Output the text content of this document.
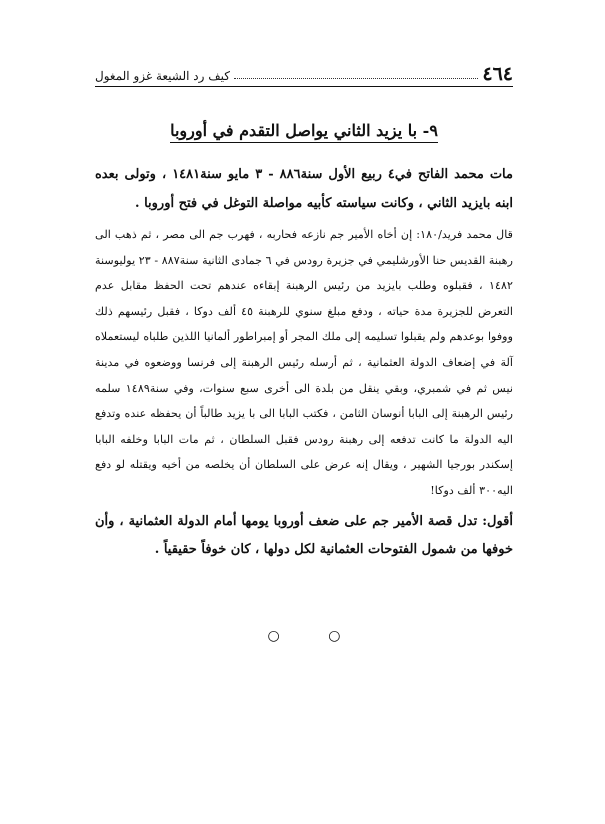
٤٦٤
كيف رد الشيعة غزو المغول
٩- با يزيد الثاني يواصل التقدم في أوروبا

مات محمد الفاتح في٤ ربيع الأول سنة٨٨٦ - ٣ مايو سنة١٤٨١ ، وتولى بعده ابنه بايزيد الثاني ، وكانت سياسته كأبيه مواصلة التوغل في فتح أوروبا .

قال محمد فريد/١٨٠: إن أخاه الأمير جم نازعه فحاربه ، فهرب جم الى مصر ، ثم ذهب الى رهبنة القديس حنا الأورشليمي في جزيرة رودس في ٦ جمادى الثانية سنة٨٨٧ - ٢٣ يوليوسنة ١٤٨٢ ، فقبلوه وطلب بايزيد من رئيس الرهبنة إبقاءه عندهم تحت الحفظ مقابل عدم التعرض للجزيرة مدة حياته ، ودفع مبلغ سنوي للرهبنة ٤٥ ألف دوكا ، فقبل رئيسهم ذلك ووفوا بوعدهم ولم يقبلوا تسليمه إلى ملك المجر أو إمبراطور ألمانيا اللذين طلباه ليستعملاه آلة في إضعاف الدولة العثمانية ، ثم أرسله رئيس الرهبنة إلى فرنسا ووضعوه في مدينة نيس ثم في شمبري، وبقي ينقل من بلدة الى أخرى سبع سنوات، وفي سنة١٤٨٩ سلمه رئيس الرهبنة إلى البابا أنوسان الثامن ، فكتب البابا الى با يزيد طالباً أن يحفظه عنده وتدفع اليه الدولة ما كانت تدفعه إلى رهبنة رودس فقبل السلطان ، ثم مات البابا وخلفه البابا إسكندر بورجيا الشهير ، ويقال إنه عرض على السلطان أن يخلصه من أخيه ويقتله لو دفع اليه٣٠٠ ألف دوكا!

أقول: تدل قصة الأمير جم على ضعف أوروبا يومها أمام الدولة العثمانية ، وأن خوفها من شمول الفتوحات العثمانية لكل دولها ، كان خوفاً حقيقياً .

○ ○
